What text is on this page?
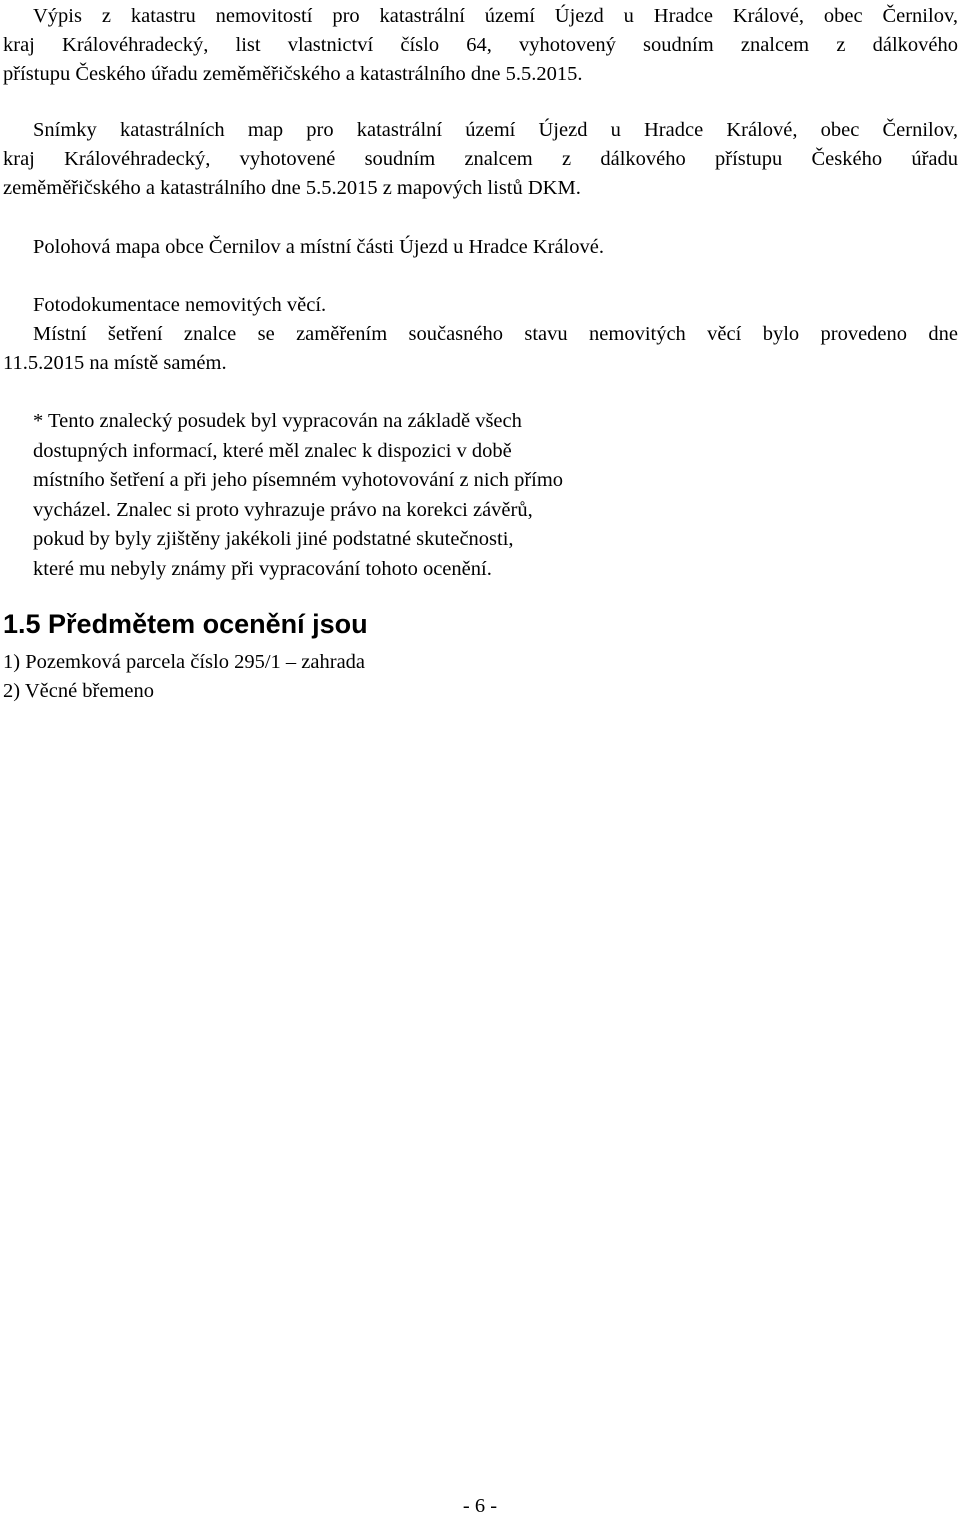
Výpis z katastru nemovitostí pro katastrální území Újezd u Hradce Králové, obec Černilov,
kraj Královéhradecký, list vlastnictví číslo 64, vyhotovený soudním znalcem z dálkového
přístupu Českého úřadu zeměměřičského a katastrálního dne 5.5.2015.

Snímky katastrálních map pro katastrální území Újezd u Hradce Králové, obec Černilov,
kraj Královéhradecký, vyhotovené soudním znalcem z dálkového přístupu Českého úřadu
zeměměřičského a katastrálního dne 5.5.2015 z mapových listů DKM.

Polohová mapa obce Černilov a místní části Újezd u Hradce Králové.

Fotodokumentace nemovitých věcí.

Místní šetření znalce se zaměřením současného stavu nemovitých věcí bylo provedeno dne
11.5.2015 na místě samém.

* Tento znalecký posudek byl vypracován na základě všech
dostupných informací, které měl znalec k dispozici v době
místního šetření a při jeho písemném vyhotovování z nich přímo
vycházel. Znalec si proto vyhrazuje právo na korekci závěrů,
pokud by byly zjištěny jakékoli jiné podstatné skutečnosti,
které mu nebyly známy při vypracování tohoto ocenění.

1.5 Předmětem ocenění jsou
1) Pozemková parcela číslo 295/1 – zahrada
2) Věcné břemeno
- 6 -
